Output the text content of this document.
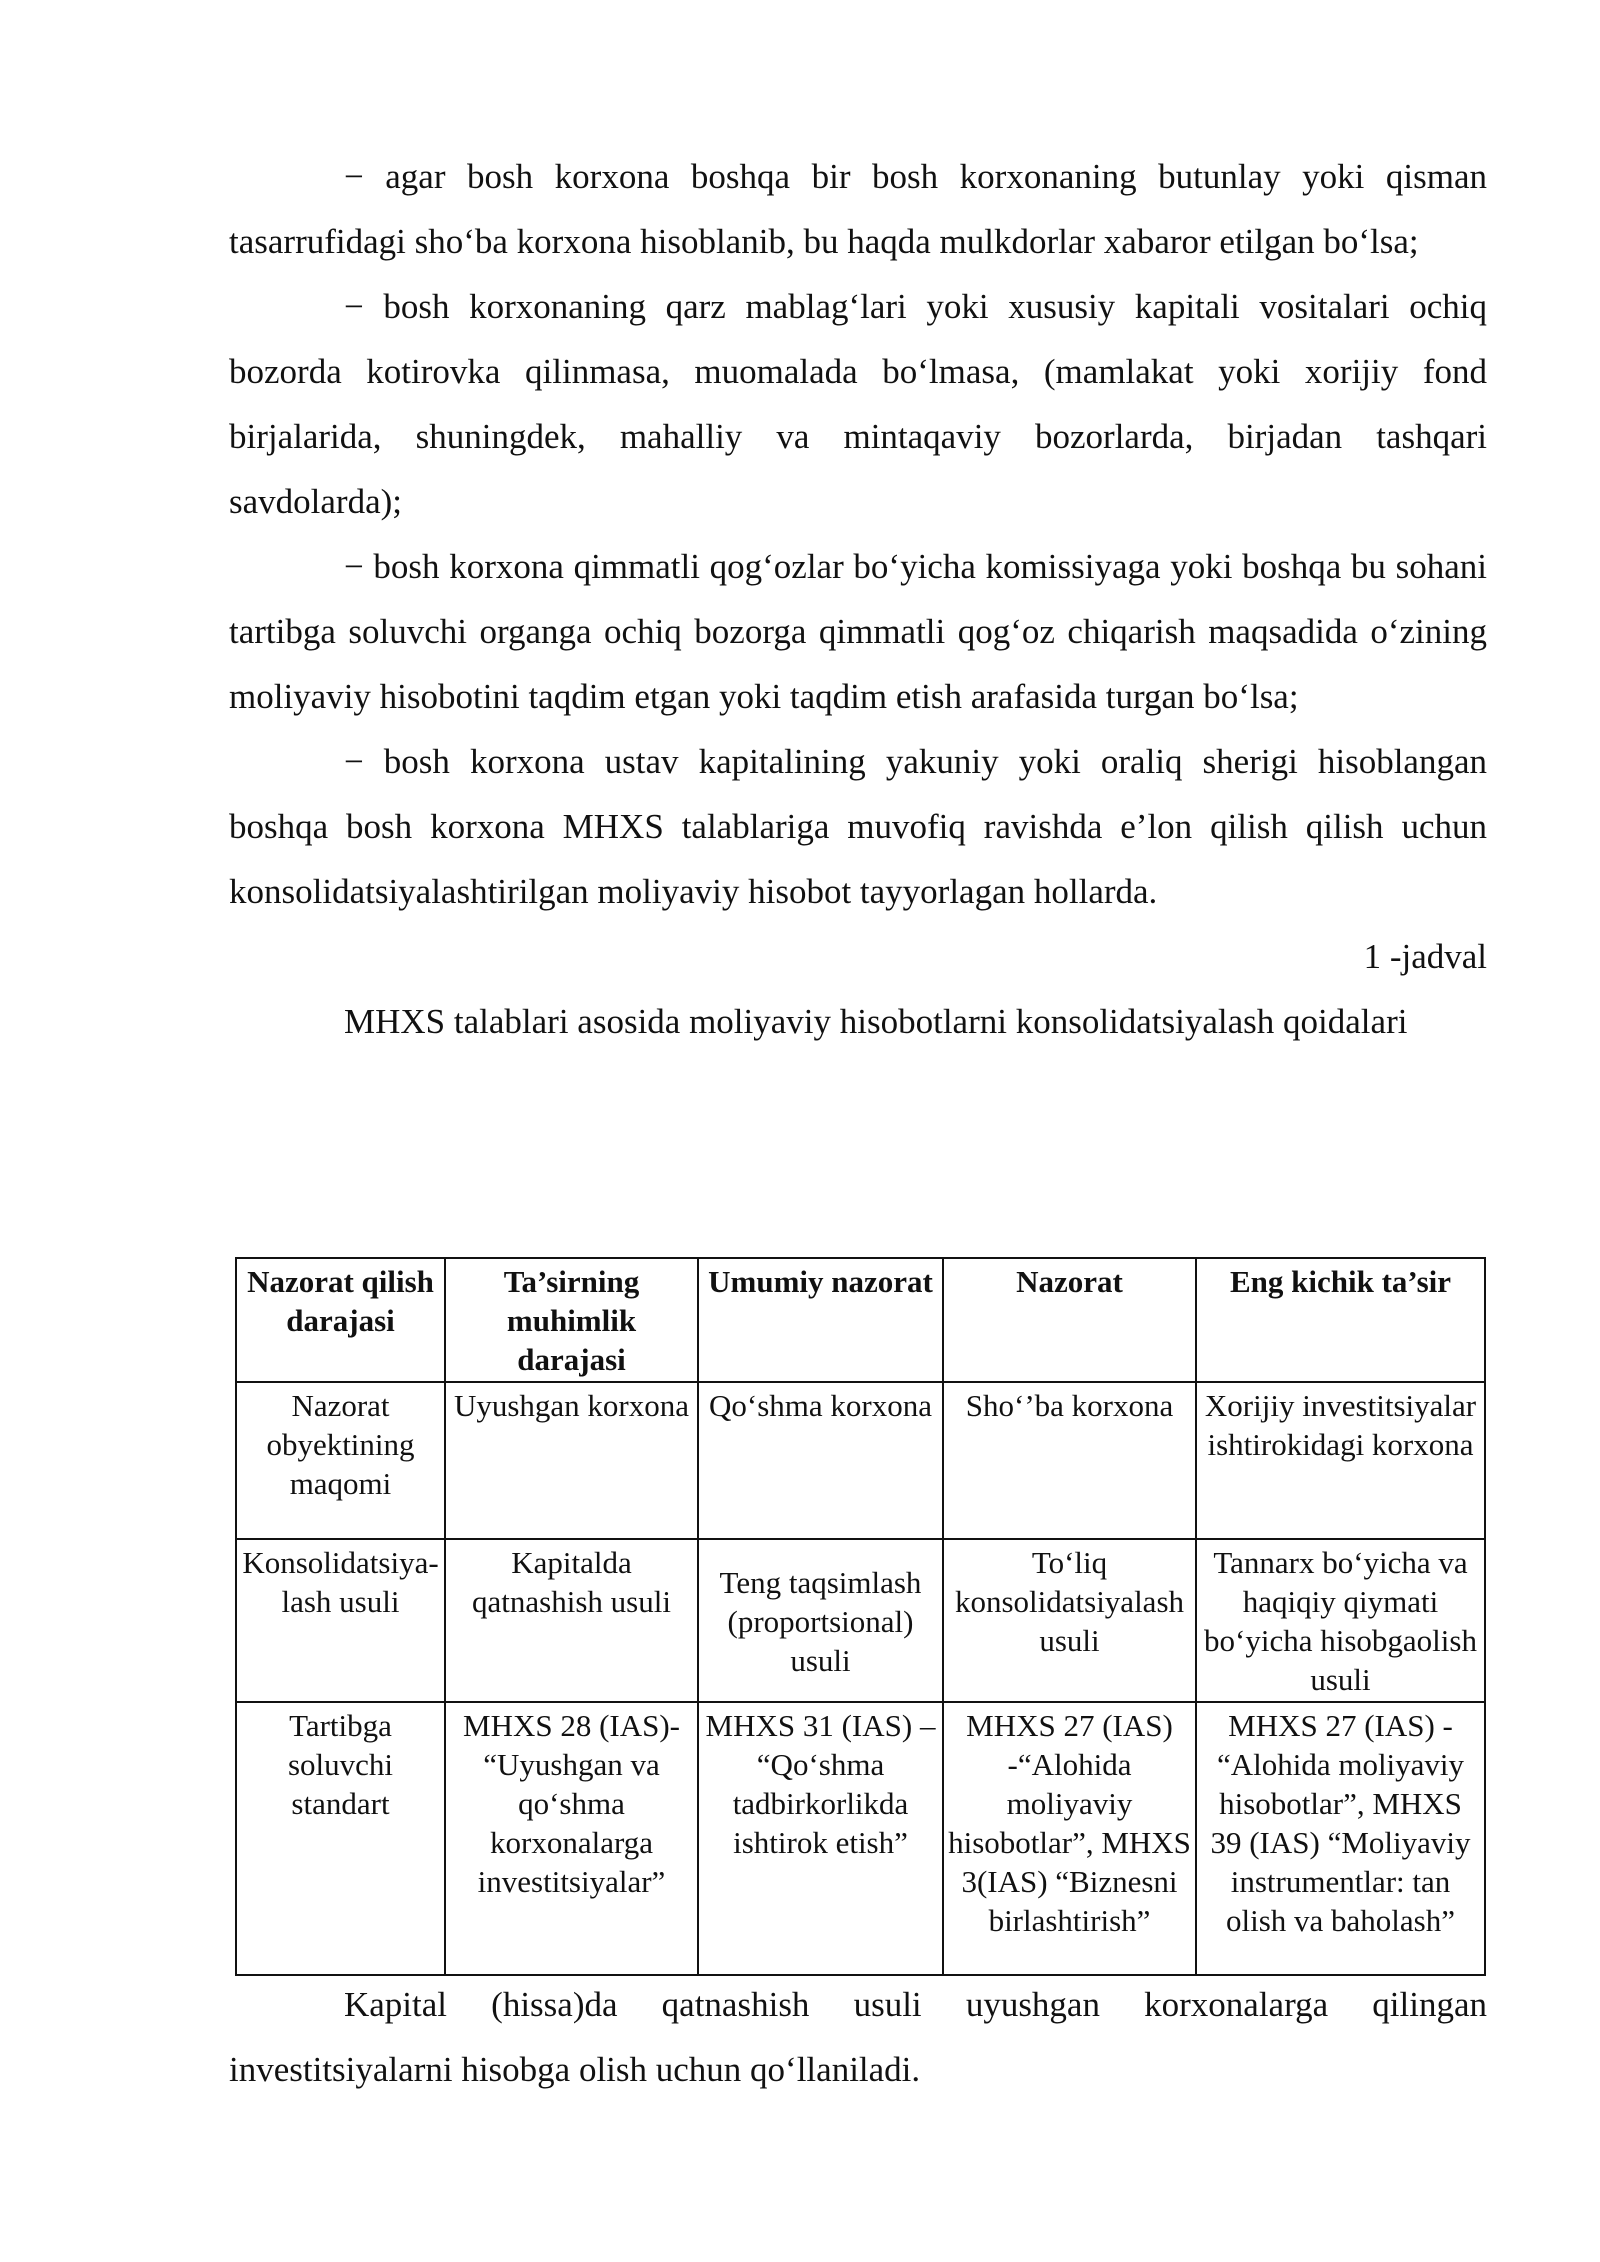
− agar bosh korxona boshqa bir bosh korxonaning butunlay yoki qisman tasarrufidagi sho‘ba korxona hisoblanib, bu haqda mulkdorlar xabaror etilgan bo‘lsa;

− bosh korxonaning qarz mablag‘lari yoki xususiy kapitali vositalari ochiq bozorda kotirovka qilinmasa, muomalada bo‘lmasa, (mamlakat yoki xorijiy fond birjalarida, shuningdek, mahalliy va mintaqaviy bozorlarda, birjadan tashqari savdolarda);

− bosh korxona qimmatli qog‘ozlar bo‘yicha komissiyaga yoki boshqa bu sohani tartibga soluvchi organga ochiq bozorga qimmatli qog‘oz chiqarish maqsadida o‘zining moliyaviy hisobotini taqdim etgan yoki taqdim etish arafasida turgan bo‘lsa;

− bosh korxona ustav kapitalining yakuniy yoki oraliq sherigi hisoblangan boshqa bosh korxona MHXS talablariga muvofiq ravishda e’lon qilish qilish uchun konsolidatsiyalashtirilgan moliyaviy hisobot tayyorlagan hollarda.

1 -jadval

MHXS talablari asosida moliyaviy hisobotlarni konsolidatsiyalash qoidalari

Nazorat qilish darajasi	Ta’sirning muhimlik darajasi	Umumiy nazorat	Nazorat	Eng kichik ta’sir
Nazorat obyektining maqomi	Uyushgan korxona	Qo‘shma korxona	Sho‘’ba korxona	Xorijiy investitsiyalar ishtirokidagi korxona
Konsolidatsiya-lash usuli	Kapitalda qatnashish usuli	Teng taqsimlash (proportsional) usuli	To‘liq konsolidatsiyalash usuli	Tannarx bo‘yicha va haqiqiy qiymati bo‘yicha hisobgaolish usuli
Tartibga soluvchi standart	MHXS 28 (IAS)- “Uyushgan va qo‘shma korxonalarga investitsiyalar”	MHXS 31 (IAS) – “Qo‘shma tadbirkorlikda ishtirok etish”	MHXS 27 (IAS) -“Alohida moliyaviy hisobotlar”, MHXS 3(IAS) “Biznesni birlashtirish”	MHXS 27 (IAS) - “Alohida moliyaviy hisobotlar”, MHXS 39 (IAS) “Moliyaviy instrumentlar: tan olish va baholash”

Kapital (hissa)da qatnashish usuli uyushgan korxonalarga qilingan investitsiyalarni hisobga olish uchun qo‘llaniladi.
